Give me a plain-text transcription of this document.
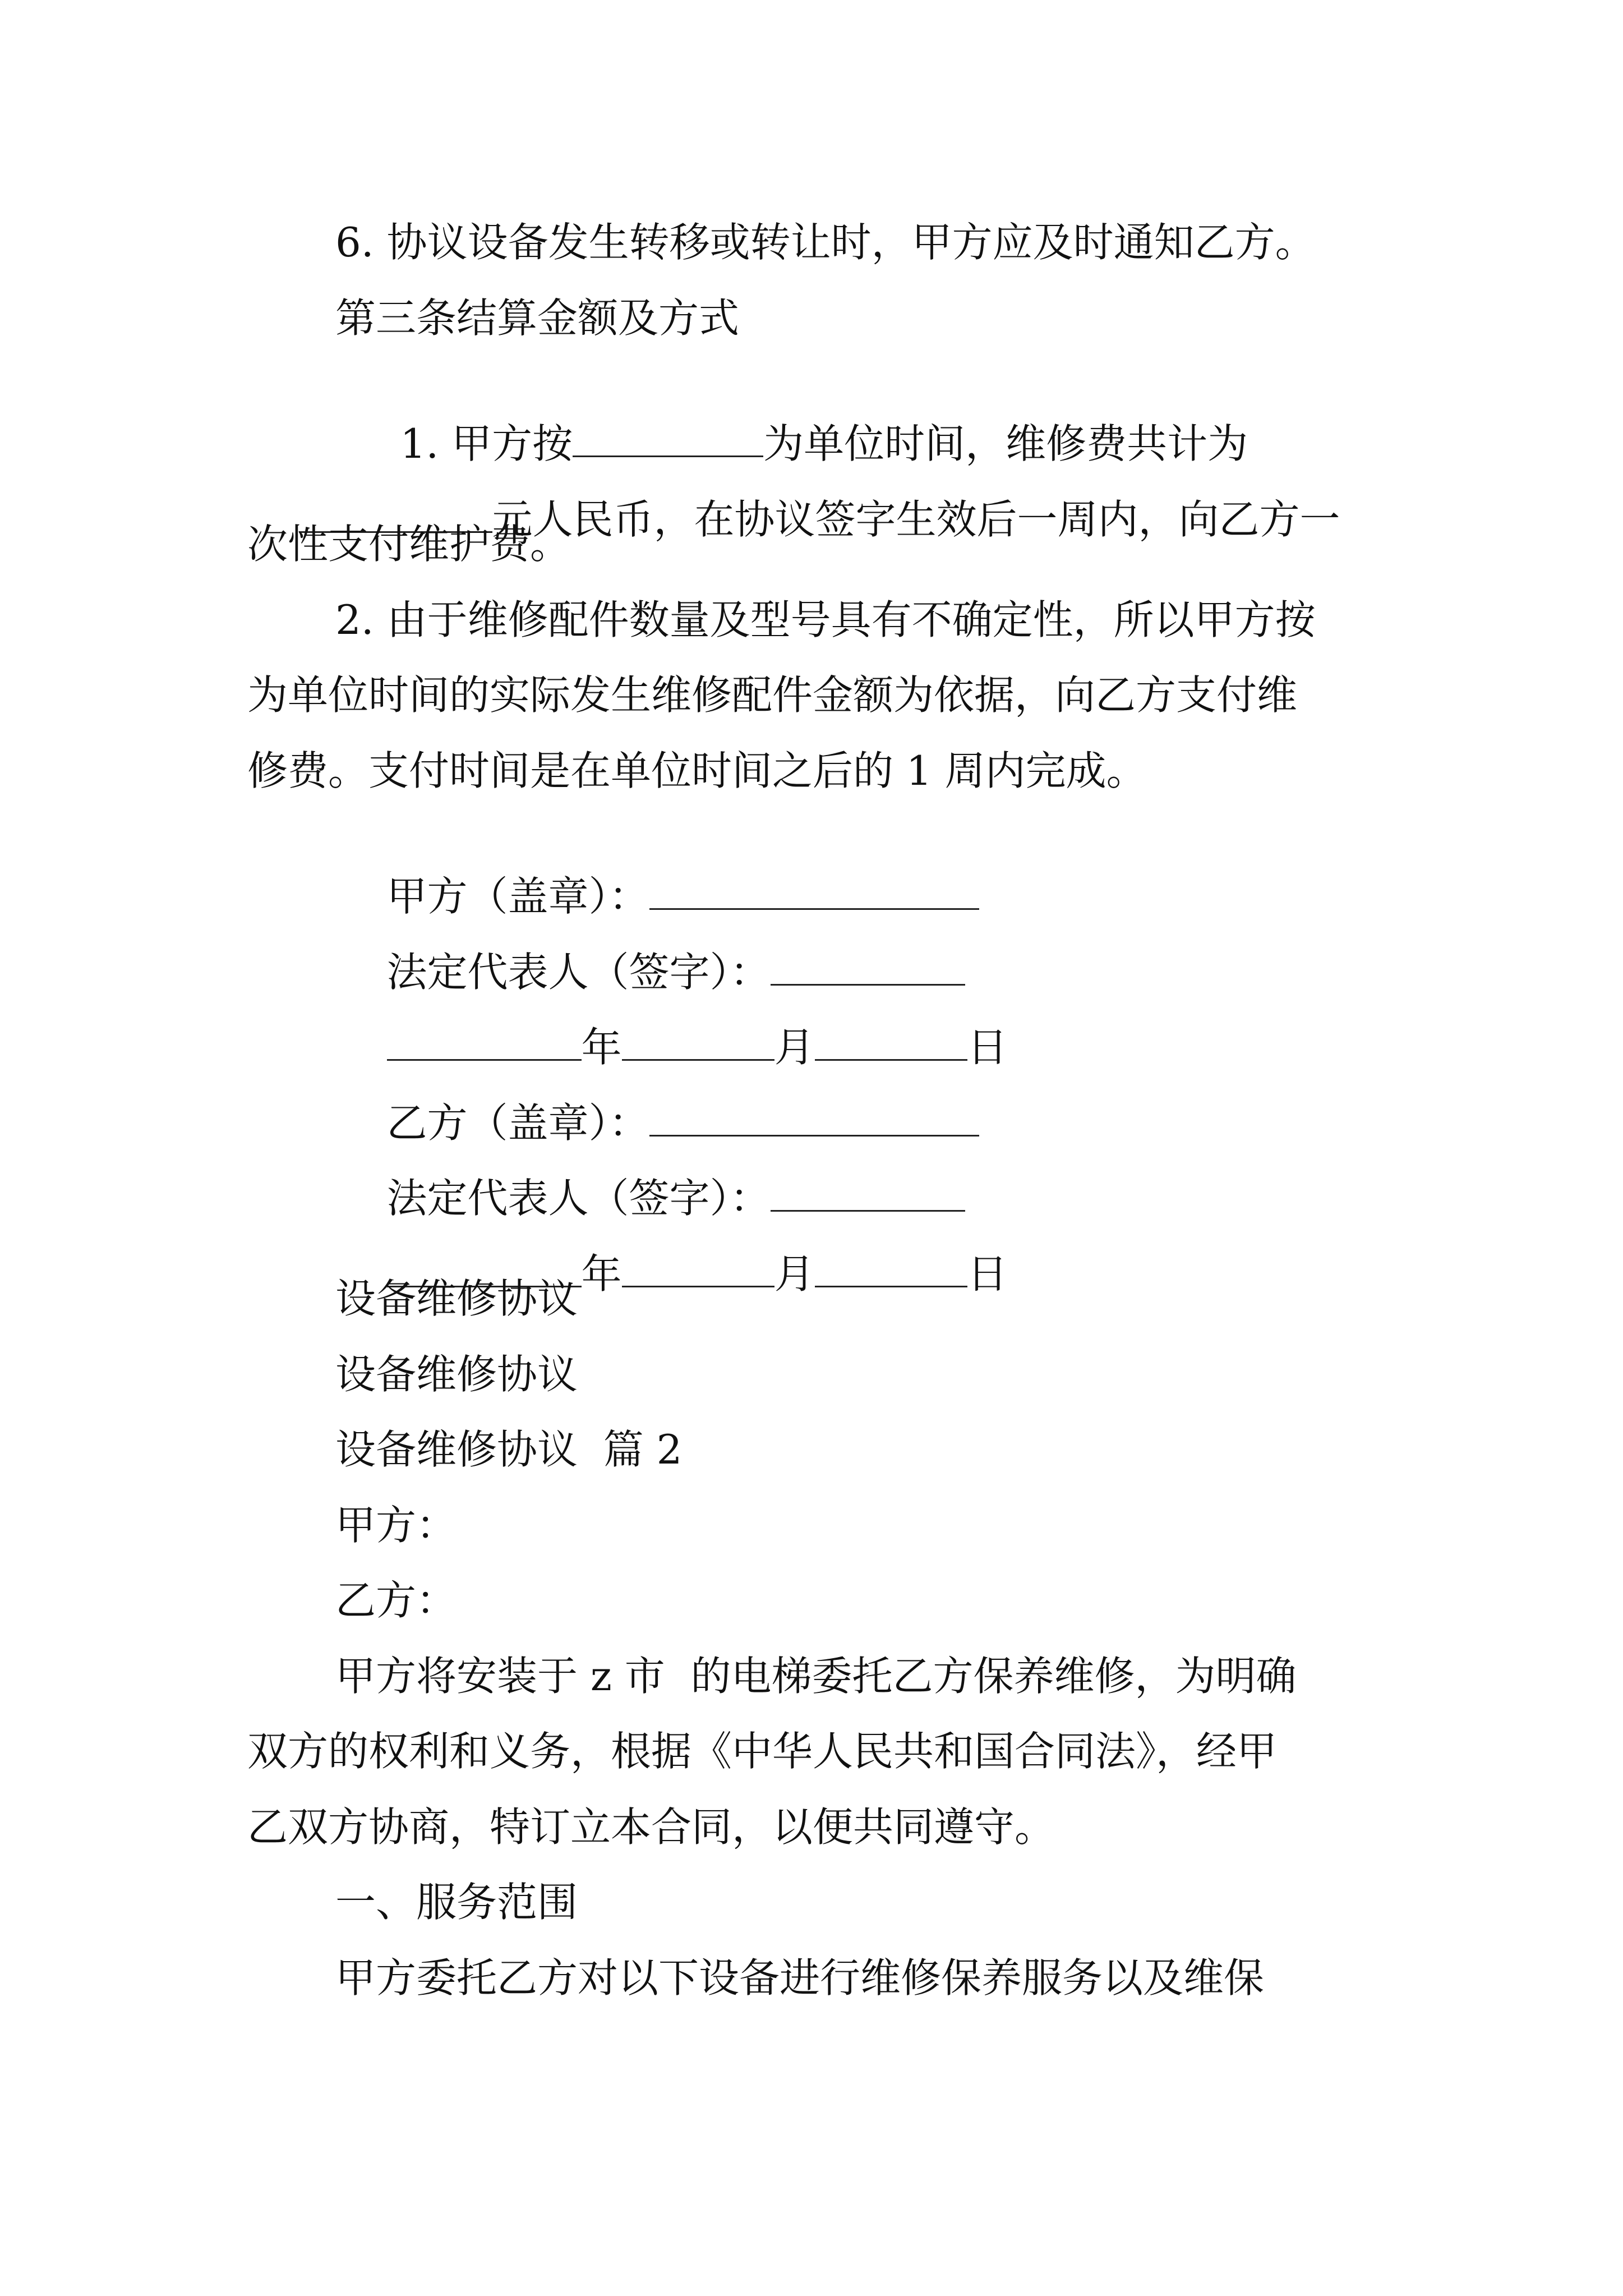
6. 协议设备发生转移或转让时，甲方应及时通知乙方。
第三条结算金额及方式

1. 甲方按	为单位时间，维修费共计为

元人民币，在协议签字生效后一周内，向乙方一

次性支付维护费。
2. 由于维修配件数量及型号具有不确定性，所以甲方按
为单位时间的实际发生维修配件金额为依据，向乙方支付维
修费。支付时间是在单位时间之后的 1 周内完成。

甲方（盖章）：

法定代表人（签字）：

年	月	日

乙方（盖章）：

法定代表人（签字）：

年	月	日

设备维修协议
设备维修协议
设备维修协议  篇 2
甲方：
乙方：
甲方将安装于 z 市  的电梯委托乙方保养维修，为明确
双方的权利和义务，根据《中华人民共和国合同法》，经甲
乙双方协商，特订立本合同，以便共同遵守。
一、服务范围
甲方委托乙方对以下设备进行维修保养服务以及维保
